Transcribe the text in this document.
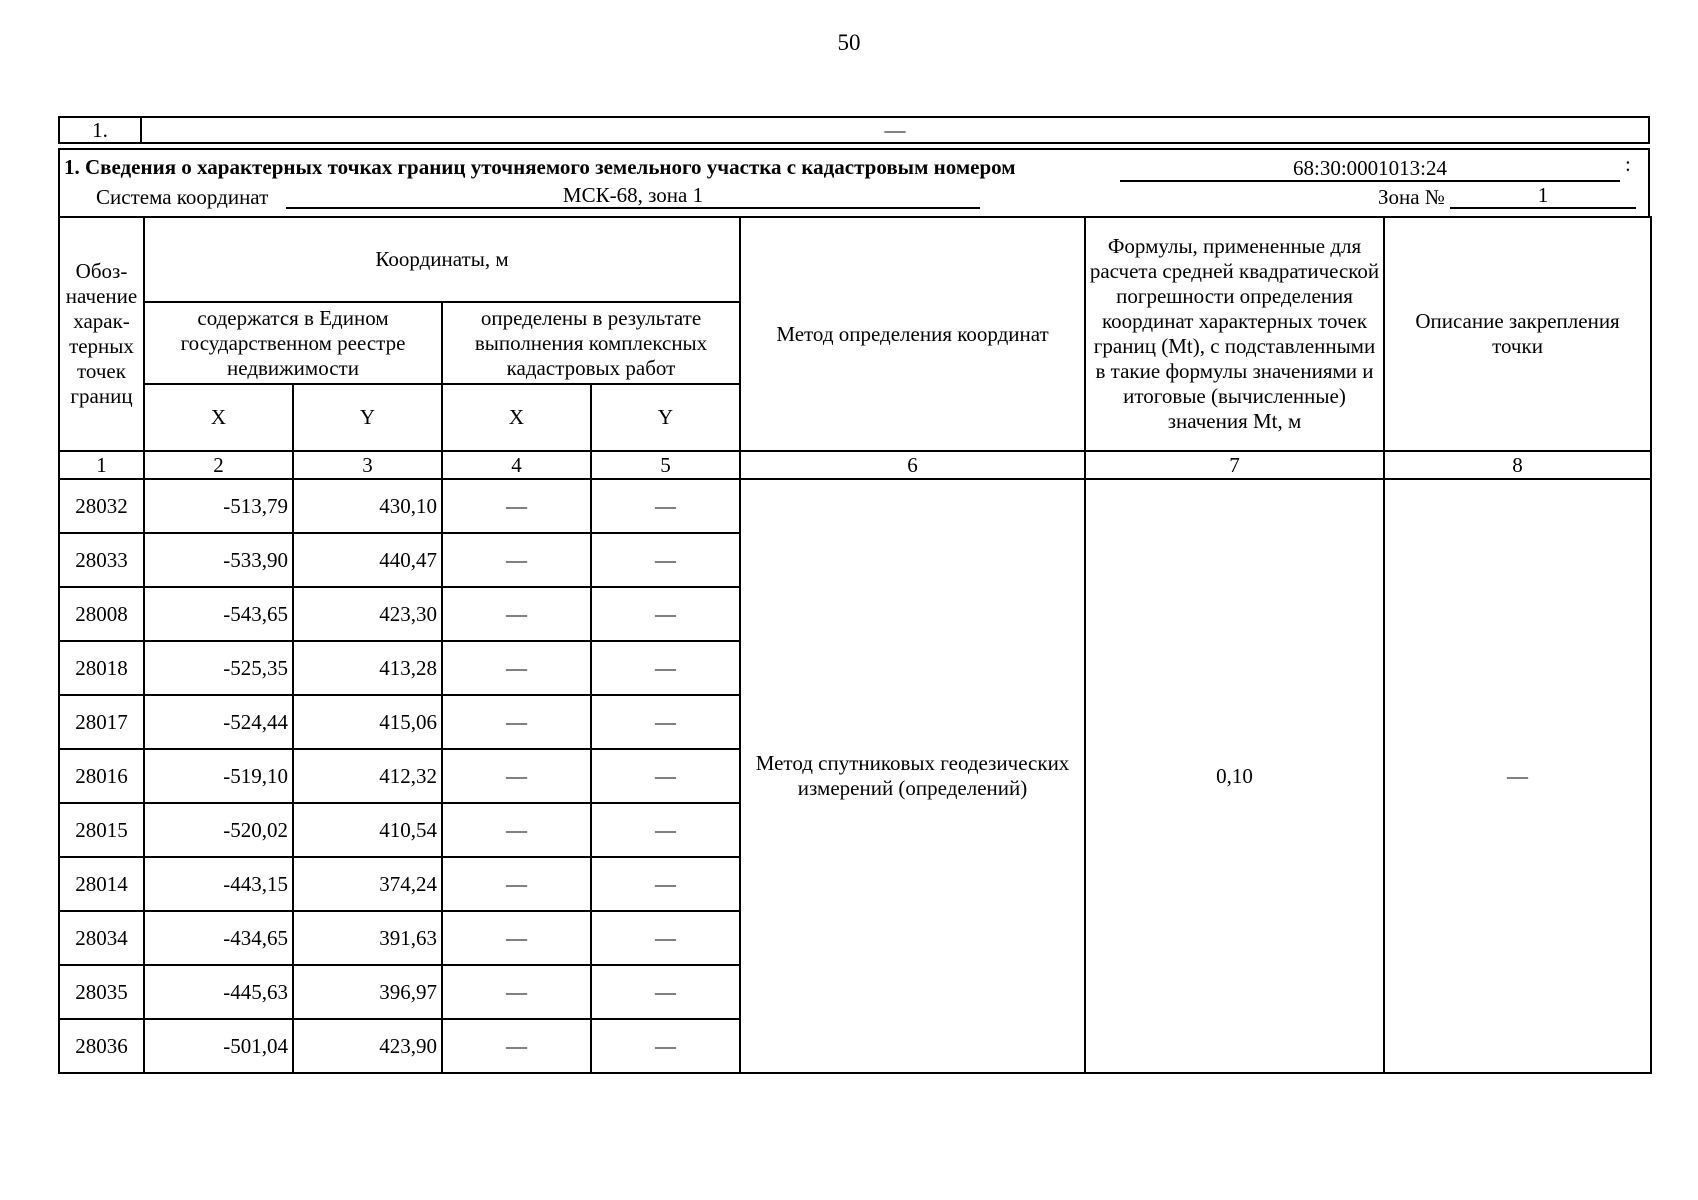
50
1.	—
1. Сведения о характерных точках границ уточняемого земельного участка с кадастровым номером	68:30:0001013:24	:
Система координат	МСК-68, зона 1	Зона №	1
Обоз-начение харак-терных точек границ	Координаты, м				Метод определения координат	Формулы, примененные для расчета средней квадратической погрешности определения координат характерных точек границ (Mt), с подставленными в такие формулы значениями и итоговые (вычисленные) значения Mt, м	Описание закрепления точки
	содержатся в Едином государственном реестре недвижимости		определены в результате выполнения комплексных кадастровых работ				
	X	Y	X	Y			
1	2	3	4	5	6	7	8
28032	-513,79	430,10	—	—	Метод спутниковых геодезических измерений (определений)	0,10	—
28033	-533,90	440,47	—	—			
28008	-543,65	423,30	—	—			
28018	-525,35	413,28	—	—			
28017	-524,44	415,06	—	—			
28016	-519,10	412,32	—	—			
28015	-520,02	410,54	—	—			
28014	-443,15	374,24	—	—			
28034	-434,65	391,63	—	—			
28035	-445,63	396,97	—	—			
28036	-501,04	423,90	—	—			
